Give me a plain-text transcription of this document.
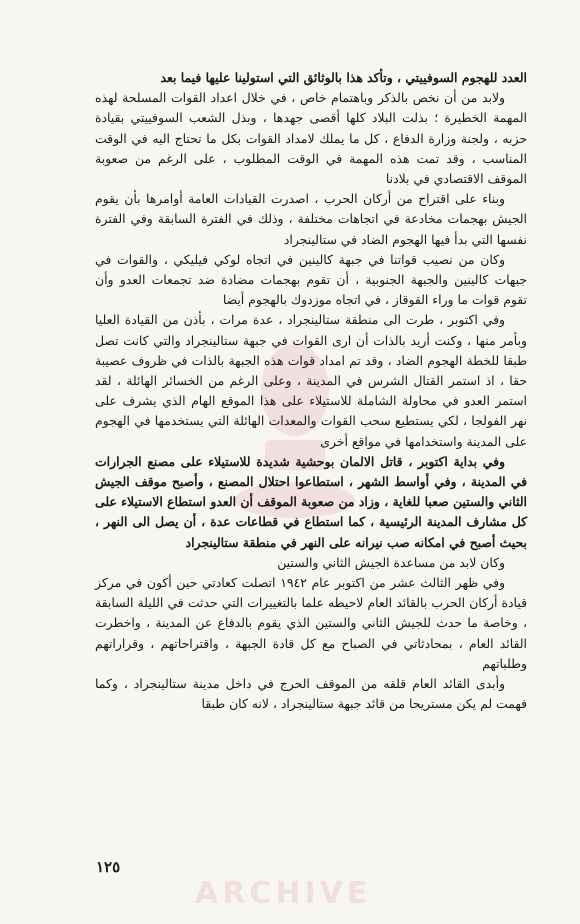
العدد للهجوم السوفييتي ، وتأكد هذا بالوثائق التي استولينا عليها فيما بعد

ولابد من أن نخص بالذكر وباهتمام خاص ، في خلال اعداد القوات المسلحة لهذه المهمة الخطيرة ؛ بذلت البلاد كلها أقصى جهدها ، وبذل الشعب السوفييتي بقيادة حزبه ، ولجنة وزارة الدفاع ، كل ما يملك لامداد القوات بكل ما تحتاج اليه في الوقت المناسب ، وقد تمت هذه المهمة في الوقت المطلوب ، على الرغم من صعوبة الموقف الاقتصادي في بلادنا

وبناء على اقتراح من أركان الحرب ، اصدرت القيادات العامة أوامرها بأن يقوم الجيش بهجمات مخادعة في اتجاهات مختلفة ، وذلك في الفترة السابقة وفي الفترة نفسها التي بدأ فيها الهجوم الضاد في ستالينجراد

وكان من نصيب قواتنا في جبهة كالينين في اتجاه لوكي فيليكي ، والقوات في جبهات كالينين والجبهة الجنوبية ، أن تقوم بهجمات مضادة ضد تجمعات العدو وأن تقوم قوات ما وراء القوقاز ، في اتجاه موزدوك بالهجوم أيضا

وفي اكتوبر ، طرت الى منطقة ستالينجراد ، عدة مرات ، بأذن من القيادة العليا وبأمر منها ، وكنت أريد بالذات أن ارى القوات في جبهة ستالينجراد والتي كانت تصل طبقا للخطة الهجوم الضاد ، وقد تم امداد قوات هذه الجبهة بالذات في ظروف عصيبة حقا ، اذ استمر القتال الشرس في المدينة ، وعلى الرغم من الخسائر الهائلة ، لقد استمر العدو في محاولة الشاملة للاستيلاء على هذا الموقع الهام الذي يشرف على نهر الفولجا ، لكي يستطيع سحب القوات والمعدات الهائلة التي يستخدمها في الهجوم على المدينة واستخدامها في مواقع أخرى

وفي بداية اكتوبر ، قاتل الالمان بوحشية شديدة للاستيلاء على مصنع الجرارات في المدينة ، وفي أواسط الشهر ، استطاعوا احتلال المصنع ، وأصبح موقف الجيش الثاني والستين صعبا للغاية ، وزاد من صعوبة الموقف أن العدو استطاع الاستيلاء على كل مشارف المدينة الرئيسية ، كما استطاع في قطاعات عدة ، أن يصل الى النهر ، بحيث أصبح في امكانه صب نيرانه على النهر في منطقة ستالينجراد

وكان لابد من مساعدة الجيش الثاني والستين

وفي ظهر الثالث عشر من اكتوبر عام ١٩٤٢ اتصلت كعادتي حين أكون في مركز قيادة أركان الحرب بالقائد العام لاحيطه علما بالتغييرات التي حدثت في الليلة السابقة ، وخاصة ما حدث للجيش الثاني والستين الذي يقوم بالدفاع عن المدينة ، واخطرت القائد العام ، بمحادثاتي في الصباح مع كل قادة الجبهة ، واقتراحاتهم ، وقراراتهم وطلباتهم

وأبدى القائد العام قلقه من الموقف الحرج في داخل مدينة ستالينجراد ، وكما فهمت لم يكن مستريحا من قائد جبهة ستالينجراد ، لانه كان طبقا

١٢٥
ARCHIVE
